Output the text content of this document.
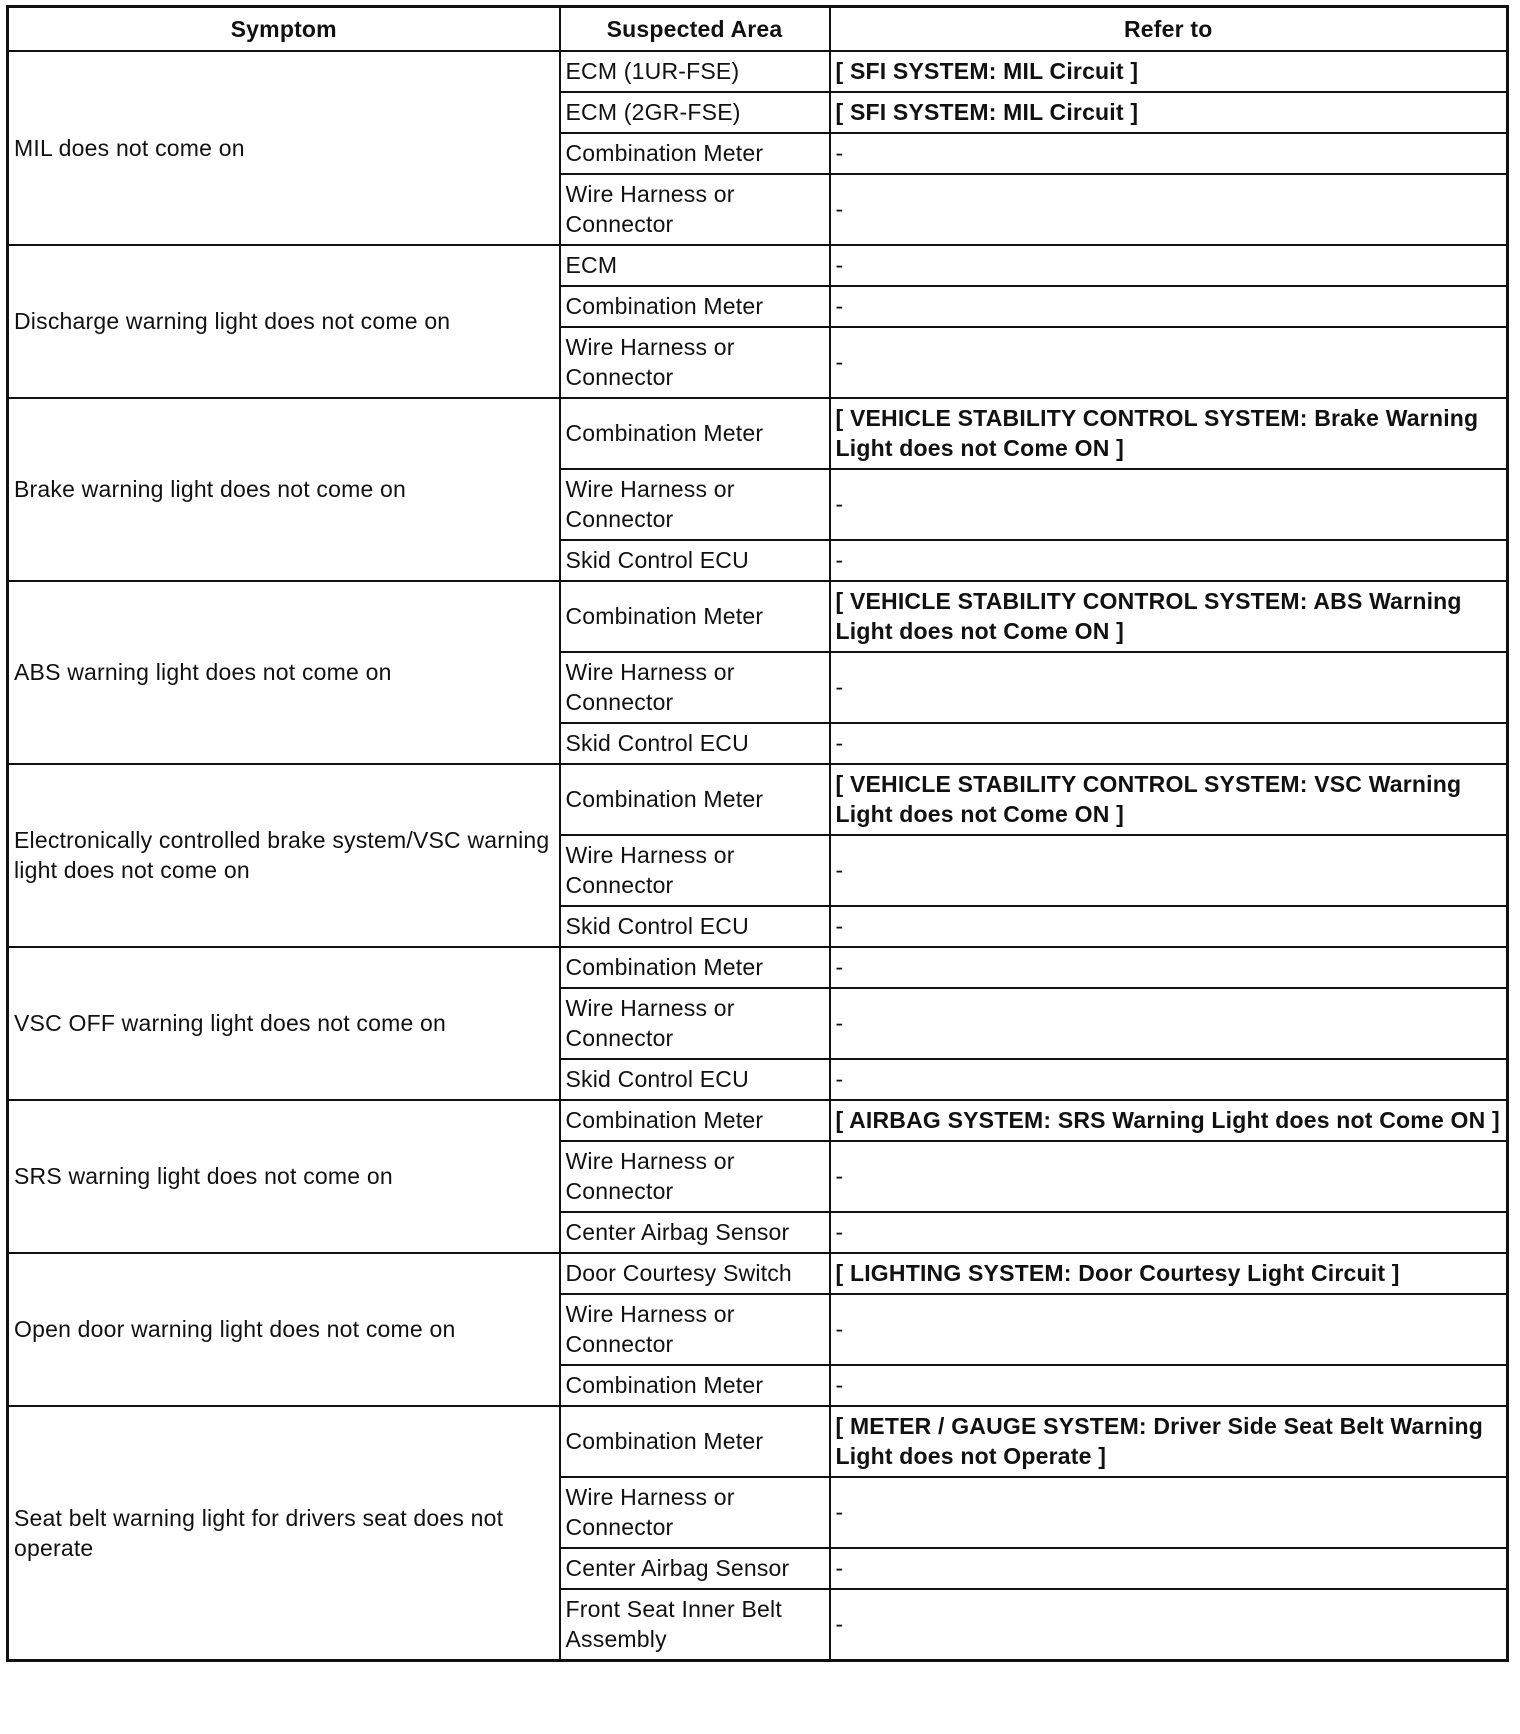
Symptom	Suspected Area	Refer to
MIL does not come on	ECM (1UR-FSE)	[ SFI SYSTEM: MIL Circuit ]
	ECM (2GR-FSE)	[ SFI SYSTEM: MIL Circuit ]
	Combination Meter	-
	Wire Harness or Connector	-
Discharge warning light does not come on	ECM	-
	Combination Meter	-
	Wire Harness or Connector	-
Brake warning light does not come on	Combination Meter	[ VEHICLE STABILITY CONTROL SYSTEM: Brake Warning Light does not Come ON ]
	Wire Harness or Connector	-
	Skid Control ECU	-
ABS warning light does not come on	Combination Meter	[ VEHICLE STABILITY CONTROL SYSTEM: ABS Warning Light does not Come ON ]
	Wire Harness or Connector	-
	Skid Control ECU	-
Electronically controlled brake system/VSC warning light does not come on	Combination Meter	[ VEHICLE STABILITY CONTROL SYSTEM: VSC Warning Light does not Come ON ]
	Wire Harness or Connector	-
	Skid Control ECU	-
VSC OFF warning light does not come on	Combination Meter	-
	Wire Harness or Connector	-
	Skid Control ECU	-
SRS warning light does not come on	Combination Meter	[ AIRBAG SYSTEM: SRS Warning Light does not Come ON ]
	Wire Harness or Connector	-
	Center Airbag Sensor	-
Open door warning light does not come on	Door Courtesy Switch	[ LIGHTING SYSTEM: Door Courtesy Light Circuit ]
	Wire Harness or Connector	-
	Combination Meter	-
Seat belt warning light for drivers seat does not operate	Combination Meter	[ METER / GAUGE SYSTEM: Driver Side Seat Belt Warning Light does not Operate ]
	Wire Harness or Connector	-
	Center Airbag Sensor	-
	Front Seat Inner Belt Assembly	-
